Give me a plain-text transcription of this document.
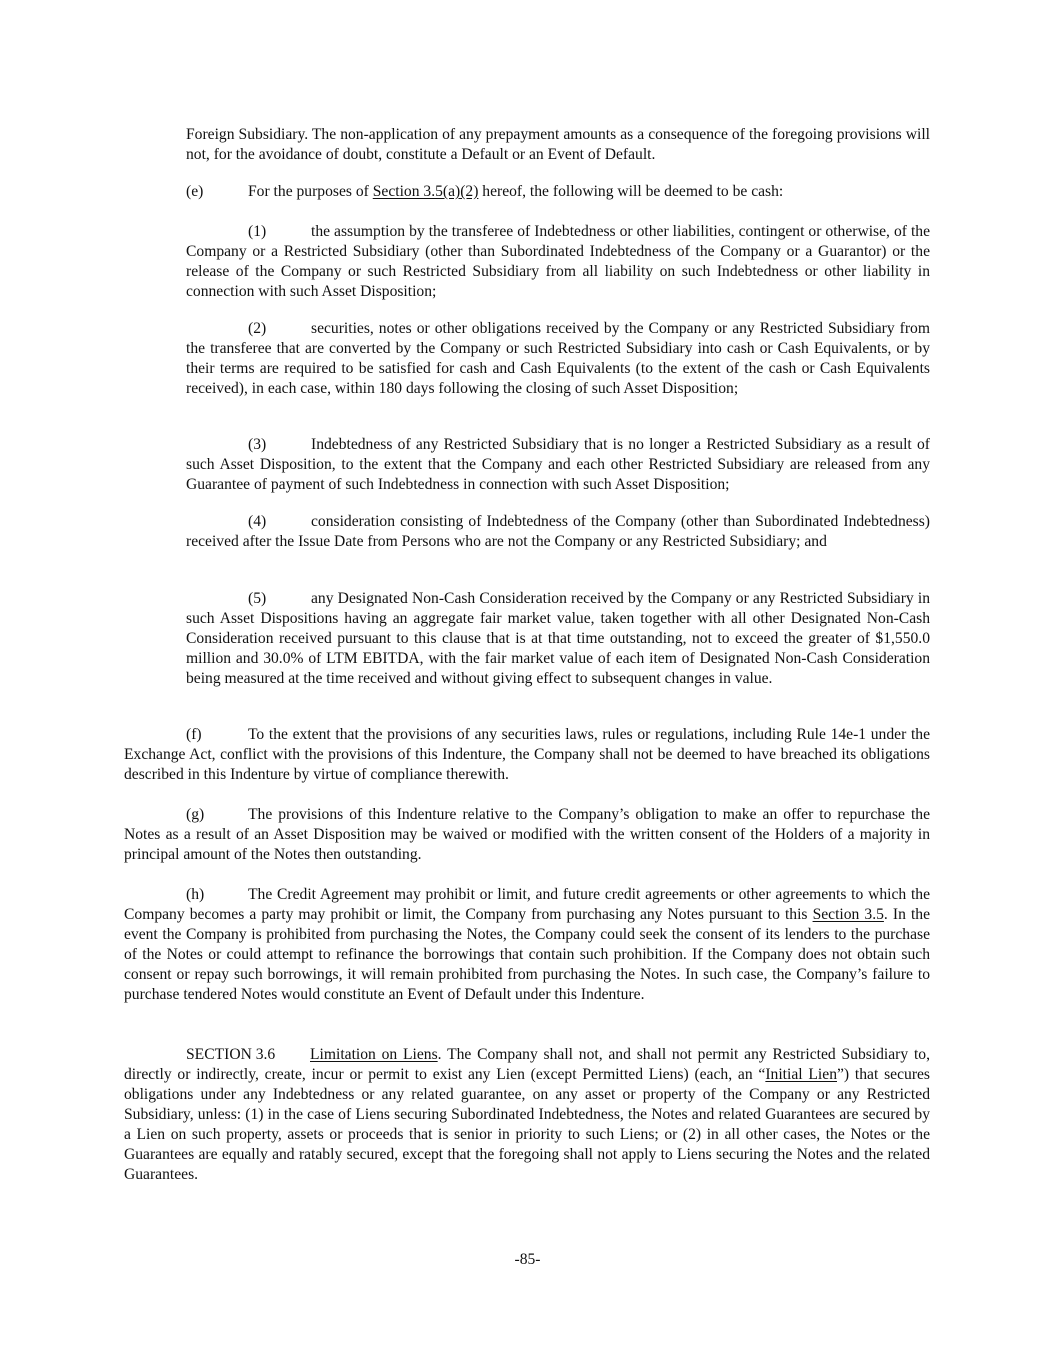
Foreign Subsidiary. The non-application of any prepayment amounts as a consequence of the foregoing provisions will not, for the avoidance of doubt, constitute a Default or an Event of Default.

(e)	For the purposes of Section 3.5(a)(2) hereof, the following will be deemed to be cash:

(1)	the assumption by the transferee of Indebtedness or other liabilities, contingent or otherwise, of the Company or a Restricted Subsidiary (other than Subordinated Indebtedness of the Company or a Guarantor) or the release of the Company or such Restricted Subsidiary from all liability on such Indebtedness or other liability in connection with such Asset Disposition;

(2)	securities, notes or other obligations received by the Company or any Restricted Subsidiary from the transferee that are converted by the Company or such Restricted Subsidiary into cash or Cash Equivalents, or by their terms are required to be satisfied for cash and Cash Equivalents (to the extent of the cash or Cash Equivalents received), in each case, within 180 days following the closing of such Asset Disposition;

(3)	Indebtedness of any Restricted Subsidiary that is no longer a Restricted Subsidiary as a result of such Asset Disposition, to the extent that the Company and each other Restricted Subsidiary are released from any Guarantee of payment of such Indebtedness in connection with such Asset Disposition;

(4)	consideration consisting of Indebtedness of the Company (other than Subordinated Indebtedness) received after the Issue Date from Persons who are not the Company or any Restricted Subsidiary; and

(5)	any Designated Non-Cash Consideration received by the Company or any Restricted Subsidiary in such Asset Dispositions having an aggregate fair market value, taken together with all other Designated Non-Cash Consideration received pursuant to this clause that is at that time outstanding, not to exceed the greater of $1,550.0 million and 30.0% of LTM EBITDA, with the fair market value of each item of Designated Non-Cash Consideration being measured at the time received and without giving effect to subsequent changes in value.

(f)	To the extent that the provisions of any securities laws, rules or regulations, including Rule 14e-1 under the Exchange Act, conflict with the provisions of this Indenture, the Company shall not be deemed to have breached its obligations described in this Indenture by virtue of compliance therewith.

(g)	The provisions of this Indenture relative to the Company’s obligation to make an offer to repurchase the Notes as a result of an Asset Disposition may be waived or modified with the written consent of the Holders of a majority in principal amount of the Notes then outstanding.

(h)	The Credit Agreement may prohibit or limit, and future credit agreements or other agreements to which the Company becomes a party may prohibit or limit, the Company from purchasing any Notes pursuant to this Section 3.5. In the event the Company is prohibited from purchasing the Notes, the Company could seek the consent of its lenders to the purchase of the Notes or could attempt to refinance the borrowings that contain such prohibition. If the Company does not obtain such consent or repay such borrowings, it will remain prohibited from purchasing the Notes. In such case, the Company’s failure to purchase tendered Notes would constitute an Event of Default under this Indenture.

SECTION 3.6 Limitation on Liens. The Company shall not, and shall not permit any Restricted Subsidiary to, directly or indirectly, create, incur or permit to exist any Lien (except Permitted Liens) (each, an “Initial Lien”) that secures obligations under any Indebtedness or any related guarantee, on any asset or property of the Company or any Restricted Subsidiary, unless: (1) in the case of Liens securing Subordinated Indebtedness, the Notes and related Guarantees are secured by a Lien on such property, assets or proceeds that is senior in priority to such Liens; or (2) in all other cases, the Notes or the Guarantees are equally and ratably secured, except that the foregoing shall not apply to Liens securing the Notes and the related Guarantees.

-85-
